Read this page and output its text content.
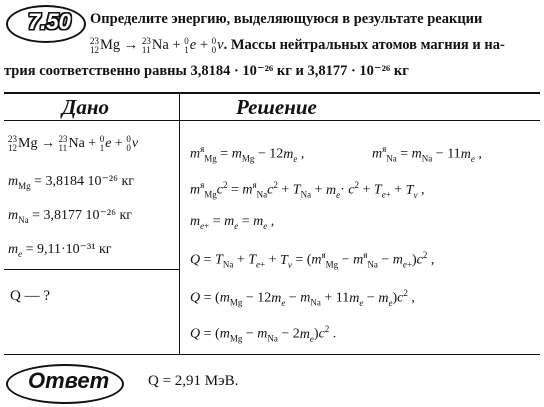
7.50	Определите энергию, выделяющуюся в результате реакции
23
12 Mg → 23
11 Na + 0
1 e + 0
0 ν. Массы нейтральных атомов магния и на-
трия соответственно равны 3,8184 · 10⁻²⁶ кг и 3,8177 · 10⁻²⁶ кг
Дано	Решение
23
12 Mg → 23
11 Na + 0
1 e + 0
0 ν
$m_{Mg} = 3,8184$ 10⁻²⁶ кг
$m_{Na} = 3,8177$ 10⁻²⁶ кг
$m_e = 9,11\cdot 10^{-31}$ кг
Q — ?
$m^я_{Mg} = m_{Mg} - 12m_e$ ,	$m^я_{Na} = m_{Na} - 11m_e$ ,
$m^я_{Mg}c^2 = m^я_{Na}c^2 + T_{Na} + m_e\cdot c^2 + T_{e+} + T_\nu$ ,
$m_{e+} = m_e = m_e$ ,
$Q = T_{Na} + T_{e+} + T_\nu = (m^я_{Mg} - m^я_{Na} - m_{e+})c^2$ ,
$Q = (m_{Mg} - 12m_e - m_{Na} + 11m_e - m_e)c^2$ ,
$Q = (m_{Mg} - m_{Na} - 2m_e)c^2$ .
Ответ	Q = 2,91 МэВ.
